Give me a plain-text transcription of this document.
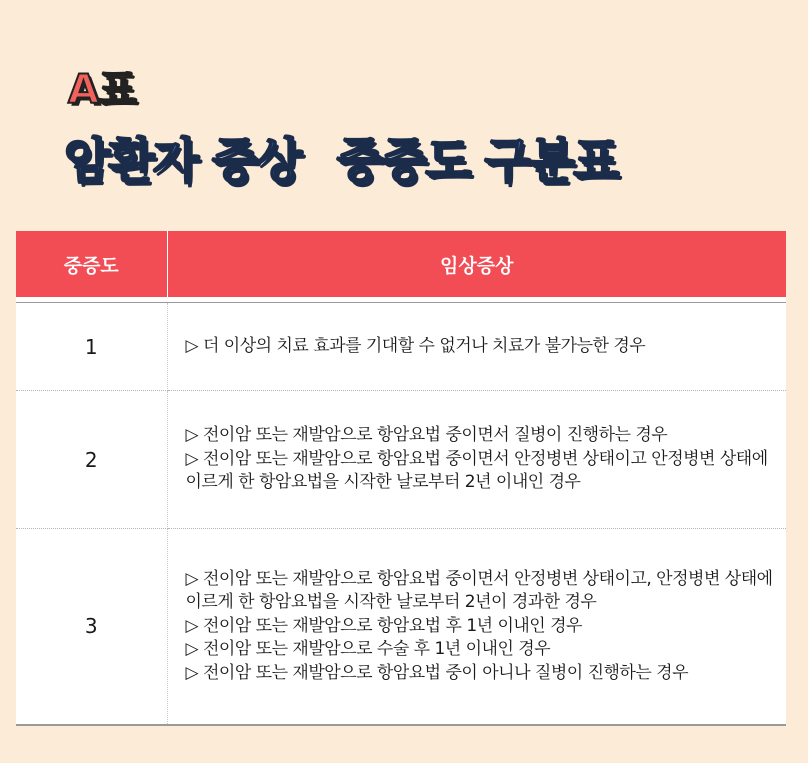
A표
암환자 증상 중증도 구분표
중증도	임상증상

1	▷ 더 이상의 치료 효과를 기대할 수 없거나 치료가 불가능한 경우

2	▷ 전이암 또는 재발암으로 항암요법 중이면서 질병이 진행하는 경우
▷ 전이암 또는 재발암으로 항암요법 중이면서 안정병변 상태이고 안정병변 상태에 이르게 한 항암요법을 시작한 날로부터 2년 이내인 경우

3	▷ 전이암 또는 재발암으로 항암요법 중이면서 안정병변 상태이고, 안정병변 상태에 이르게 한 항암요법을 시작한 날로부터 2년이 경과한 경우
▷ 전이암 또는 재발암으로 항암요법 후 1년 이내인 경우
▷ 전이암 또는 재발암으로 수술 후 1년 이내인 경우
▷ 전이암 또는 재발암으로 항암요법 중이 아니나 질병이 진행하는 경우
